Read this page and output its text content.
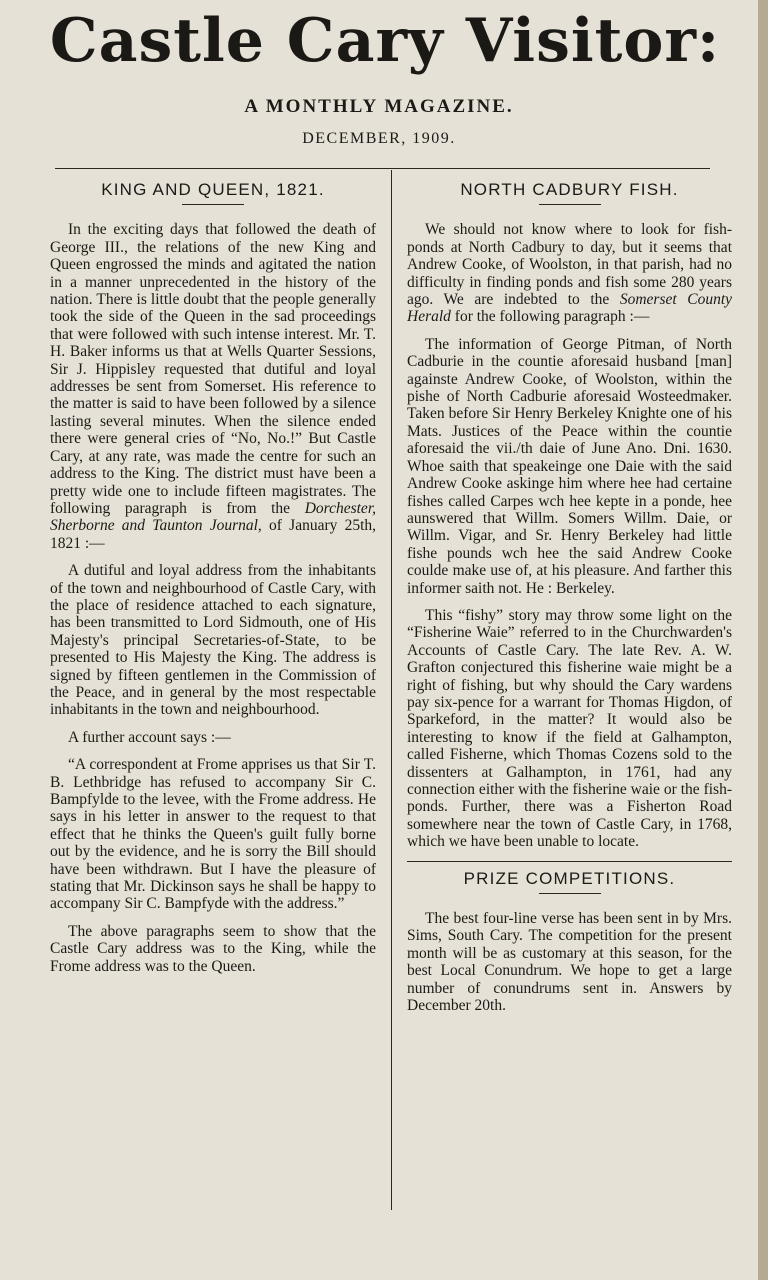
Castle Cary Visitor:
A MONTHLY MAGAZINE.
DECEMBER, 1909.
KING AND QUEEN, 1821.

In the exciting days that followed the death of George III., the relations of the new King and Queen engrossed the minds and agitated the nation in a manner unprecedented in the history of the nation. There is little doubt that the people generally took the side of the Queen in the sad proceedings that were followed with such intense interest. Mr. T. H. Baker informs us that at Wells Quarter Sessions, Sir J. Hippisley requested that dutiful and loyal addresses be sent from Somerset. His reference to the matter is said to have been followed by a silence lasting several minutes. When the silence ended there were general cries of “No, No.!” But Castle Cary, at any rate, was made the centre for such an address to the King. The district must have been a pretty wide one to include fifteen magistrates. The following paragraph is from the Dorchester, Sherborne and Taunton Journal, of January 25th, 1821 :—

A dutiful and loyal address from the inhabitants of the town and neighbourhood of Castle Cary, with the place of residence attached to each signature, has been transmitted to Lord Sidmouth, one of His Majesty's principal Secretaries-of-State, to be presented to His Majesty the King. The address is signed by fifteen gentlemen in the Commission of the Peace, and in general by the most respectable inhabitants in the town and neighbourhood.

A further account says :—

“A correspondent at Frome apprises us that Sir T. B. Lethbridge has refused to accompany Sir C. Bampfylde to the levee, with the Frome address. He says in his letter in answer to the request to that effect that he thinks the Queen's guilt fully borne out by the evidence, and he is sorry the Bill should have been withdrawn. But I have the pleasure of stating that Mr. Dickinson says he shall be happy to accompany Sir C. Bampfyde with the address.”

The above paragraphs seem to show that the Castle Cary address was to the King, while the Frome address was to the Queen.

NORTH CADBURY FISH.

We should not know where to look for fish-ponds at North Cadbury to day, but it seems that Andrew Cooke, of Woolston, in that parish, had no difficulty in finding ponds and fish some 280 years ago. We are indebted to the Somerset County Herald for the following paragraph :—

The information of George Pitman, of North Cadburie in the countie aforesaid husband [man] againste Andrew Cooke, of Woolston, within the pishe of North Cadburie aforesaid Wosteedmaker. Taken before Sir Henry Berkeley Knighte one of his Mats. Justices of the Peace within the countie aforesaid the vii./th daie of June Ano. Dni. 1630. Whoe saith that speakeinge one Daie with the said Andrew Cooke askinge him where hee had certaine fishes called Carpes wch hee kepte in a ponde, hee aunswered that Willm. Somers Willm. Daie, or Willm. Vigar, and Sr. Henry Berkeley had little fishe pounds wch hee the said Andrew Cooke coulde make use of, at his pleasure. And farther this informer saith not. He : Berkeley.

This “fishy” story may throw some light on the “Fisherine Waie” referred to in the Churchwarden's Accounts of Castle Cary. The late Rev. A. W. Grafton conjectured this fisherine waie might be a right of fishing, but why should the Cary wardens pay six-pence for a warrant for Thomas Higdon, of Sparkeford, in the matter? It would also be interesting to know if the field at Galhampton, called Fisherne, which Thomas Cozens sold to the dissenters at Galhampton, in 1761, had any connection either with the fisherine waie or the fish-ponds. Further, there was a Fisherton Road somewhere near the town of Castle Cary, in 1768, which we have been unable to locate.

PRIZE COMPETITIONS.

The best four-line verse has been sent in by Mrs. Sims, South Cary. The competition for the present month will be as customary at this season, for the best Local Conundrum. We hope to get a large number of conundrums sent in. Answers by December 20th.
